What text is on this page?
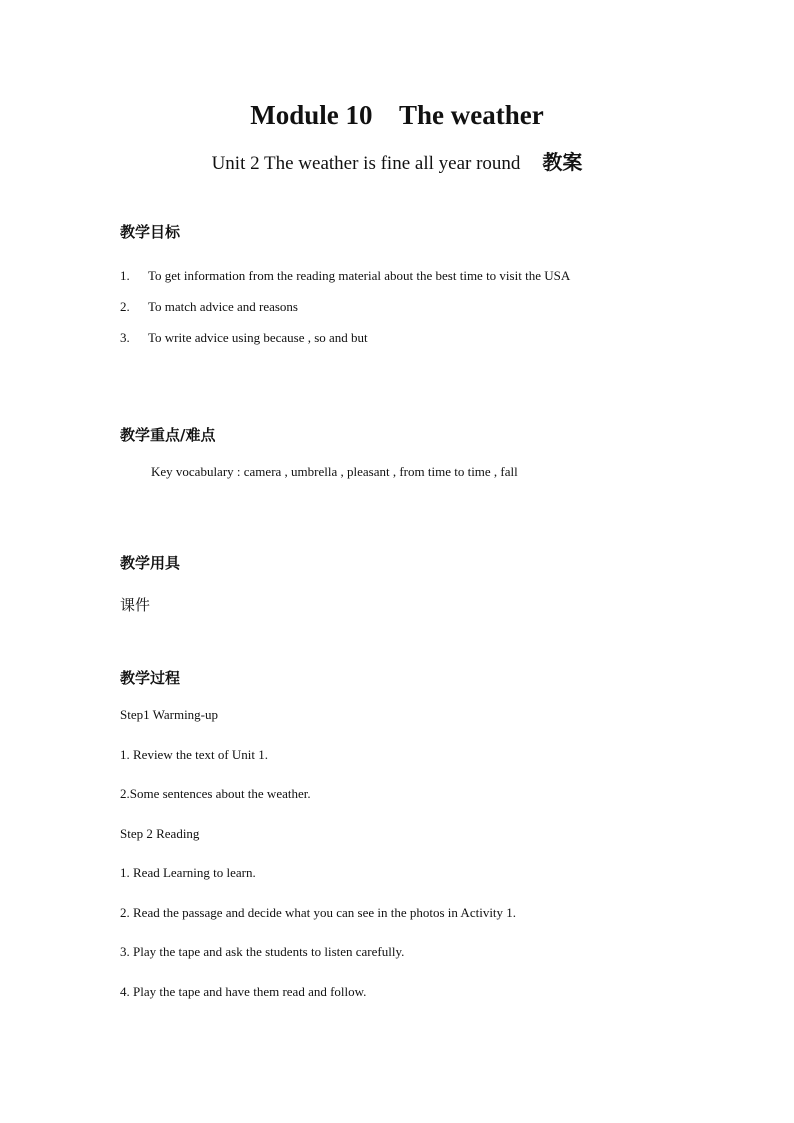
Module 10    The weather
Unit 2 The weather is fine all year round 教案
教学目标
1. To get information from the reading material about the best time to visit the USA
2. To match advice and reasons
3. To write advice using because , so and but
教学重点/难点
Key vocabulary : camera , umbrella , pleasant , from time to time , fall
教学用具
课件
教学过程
Step1 Warming-up
1. Review the text of Unit 1.
2.Some sentences about the weather.
Step 2 Reading
1. Read Learning to learn.
2. Read the passage and decide what you can see in the photos in Activity 1.
3. Play the tape and ask the students to listen carefully.
4. Play the tape and have them read and follow.
